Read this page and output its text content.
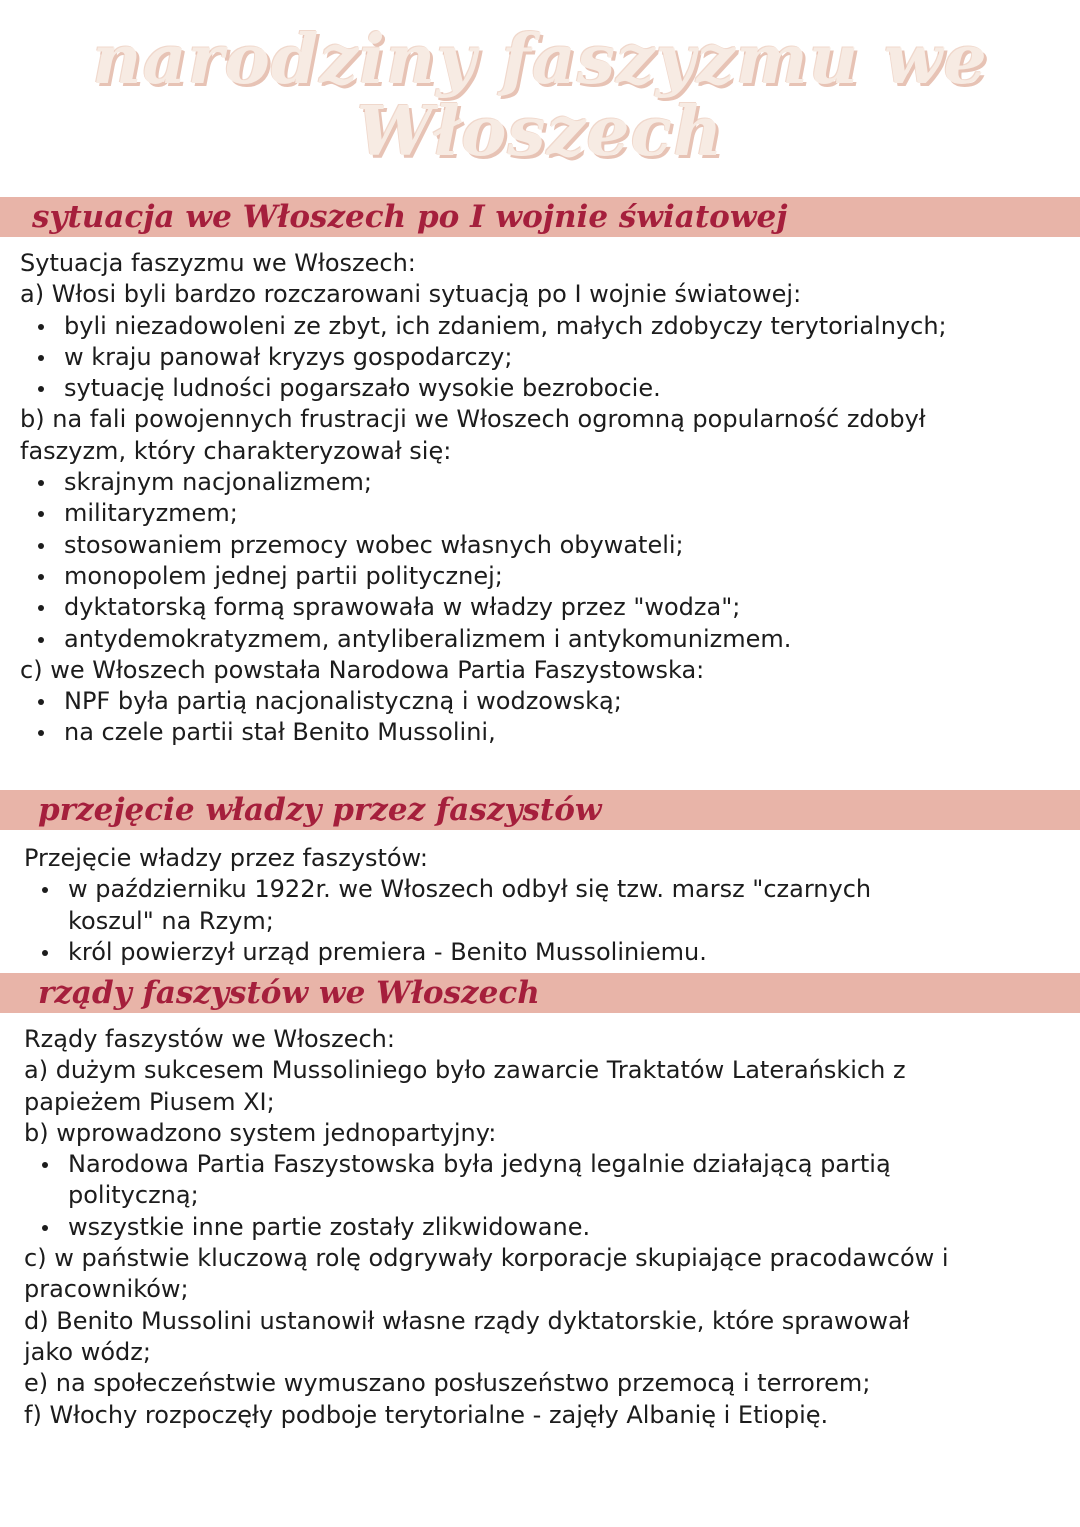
narodziny faszyzmu we
Włoszech
sytuacja we Włoszech po I wojnie światowej

Sytuacja faszyzmu we Włoszech:

a) Włosi byli bardzo rozczarowani sytuacją po I wojnie światowej:

byli niezadowoleni ze zbyt, ich zdaniem, małych zdobyczy terytorialnych;
w kraju panował kryzys gospodarczy;
sytuację ludności pogarszało wysokie bezrobocie.

b) na fali powojennych frustracji we Włoszech ogromną popularność zdobył faszyzm, który charakteryzował się:

skrajnym nacjonalizmem;
militaryzmem;
stosowaniem przemocy wobec własnych obywateli;
monopolem jednej partii politycznej;
dyktatorską formą sprawowała w władzy przez "wodza";
antydemokratyzmem, antyliberalizmem i antykomunizmem.

c) we Włoszech powstała Narodowa Partia Faszystowska:

NPF była partią nacjonalistyczną i wodzowską;
na czele partii stał Benito Mussolini,
przejęcie władzy przez faszystów

Przejęcie władzy przez faszystów:

w październiku 1922r. we Włoszech odbył się tzw. marsz "czarnych koszul" na Rzym;
król powierzył urząd premiera - Benito Mussoliniemu.
rządy faszystów we Włoszech

Rządy faszystów we Włoszech:

a) dużym sukcesem Mussoliniego było zawarcie Traktatów Laterańskich z papieżem Piusem XI;

b) wprowadzono system jednopartyjny:

Narodowa Partia Faszystowska była jedyną legalnie działającą partią polityczną;
wszystkie inne partie zostały zlikwidowane.

c) w państwie kluczową rolę odgrywały korporacje skupiające pracodawców i pracowników;

d) Benito Mussolini ustanowił własne rządy dyktatorskie, które sprawował jako wódz;

e) na społeczeństwie wymuszano posłuszeństwo przemocą i terrorem;

f) Włochy rozpoczęły podboje terytorialne - zajęły Albanię i Etiopię.
